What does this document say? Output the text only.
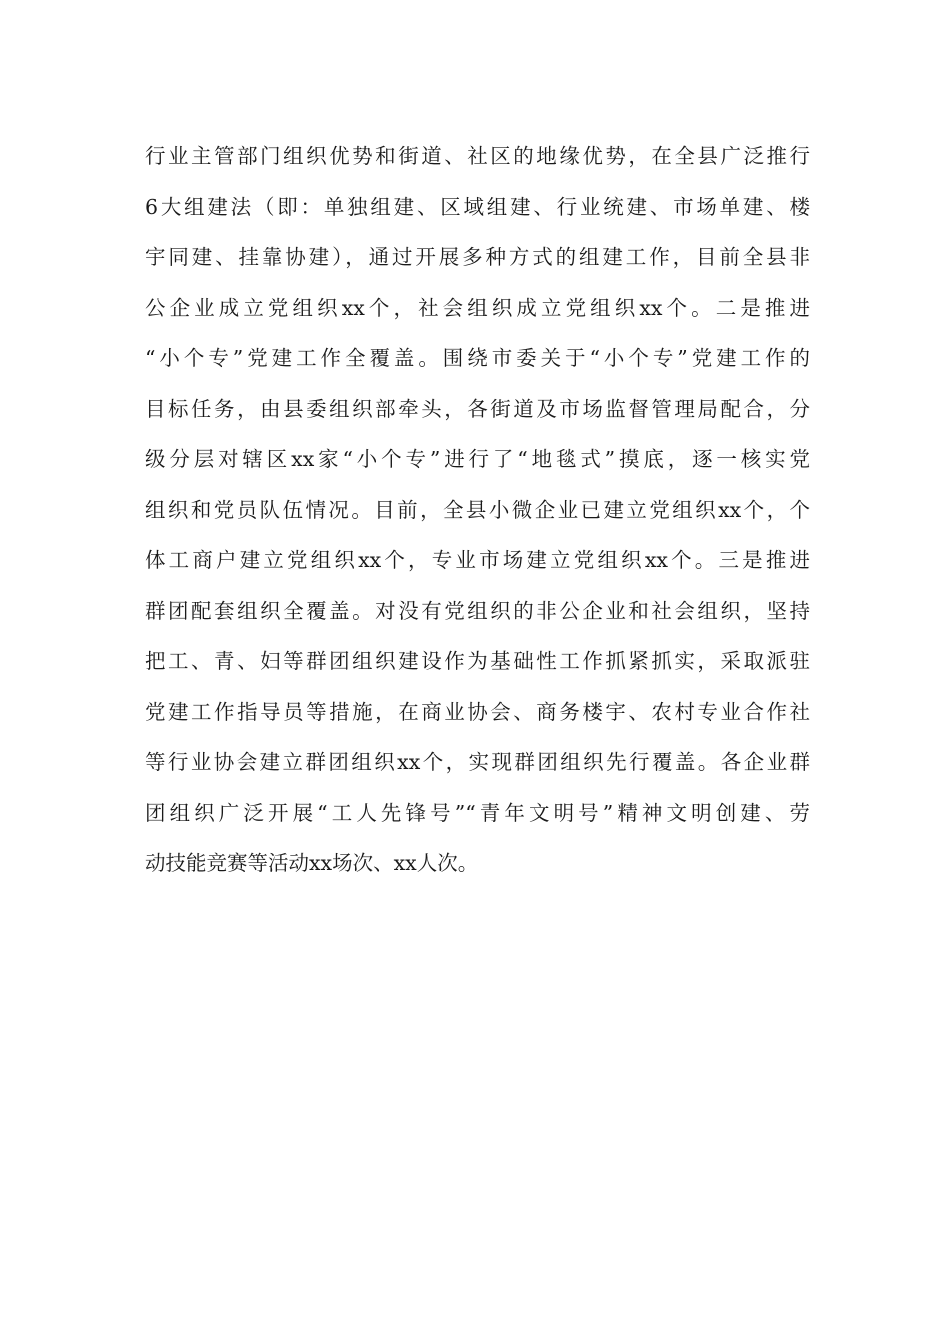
行业主管部门组织优势和街道、社区的地缘优势，在全县广泛推行
6大组建法（即：单独组建、区域组建、行业统建、市场单建、楼
宇同建、挂靠协建），通过开展多种方式的组建工作，目前全县非
公企业成立党组织xx个，社会组织成立党组织xx个。二是推进
“小个专”党建工作全覆盖。围绕市委关于“小个专”党建工作的
目标任务，由县委组织部牵头，各街道及市场监督管理局配合，分
级分层对辖区xx家“小个专”进行了“地毯式”摸底，逐一核实党
组织和党员队伍情况。目前，全县小微企业已建立党组织xx个，个
体工商户建立党组织xx个，专业市场建立党组织xx个。三是推进
群团配套组织全覆盖。对没有党组织的非公企业和社会组织，坚持
把工、青、妇等群团组织建设作为基础性工作抓紧抓实，采取派驻
党建工作指导员等措施，在商业协会、商务楼宇、农村专业合作社
等行业协会建立群团组织xx个，实现群团组织先行覆盖。各企业群
团组织广泛开展“工人先锋号”“青年文明号”精神文明创建、劳
动技能竞赛等活动xx场次、xx人次。
